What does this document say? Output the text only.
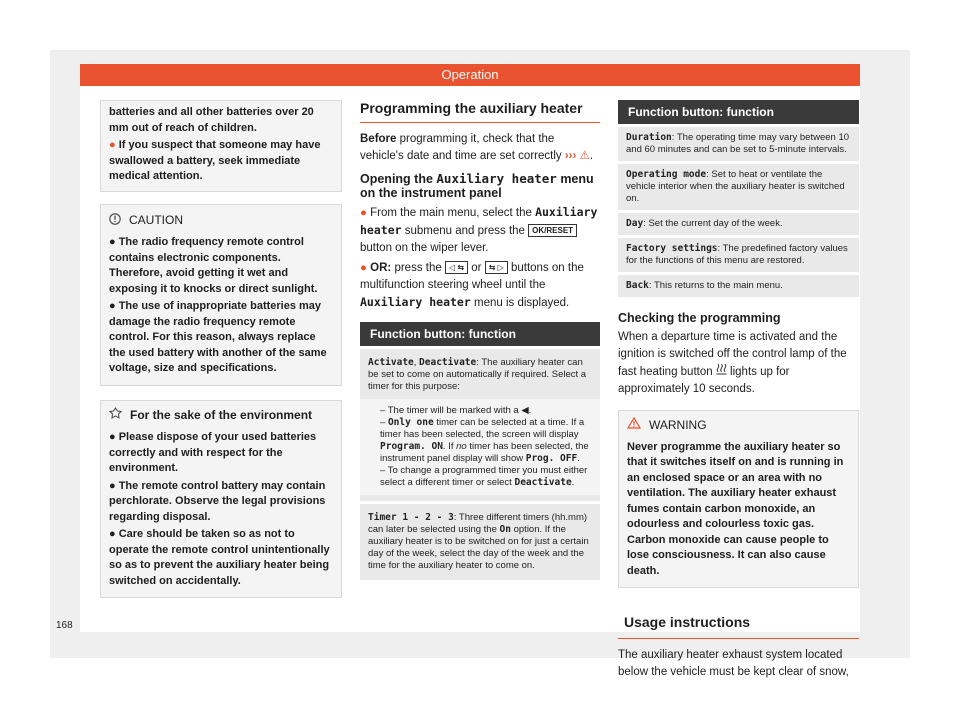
Operation

batteries and all other batteries over 20 mm out of reach of children.

● If you suspect that someone may have swallowed a battery, seek immediate medical attention.

CAUTION

● The radio frequency remote control contains electronic components. Therefore, avoid getting it wet and exposing it to knocks or direct sunlight.

● The use of inappropriate batteries may damage the radio frequency remote control. For this reason, always replace the used battery with another of the same voltage, size and specifications.

For the sake of the environment

● Please dispose of your used batteries correctly and with respect for the environment.

● The remote control battery may contain perchlorate. Observe the legal provisions regarding disposal.

● Care should be taken so as not to operate the remote control unintentionally so as to prevent the auxiliary heater being switched on accidentally.

Programming the auxiliary heater
Before programming it, check that the vehicle's date and time are set correctly ››› ⚠.
Opening the Auxiliary heater menu on the instrument panel
● From the main menu, select the Auxiliary heater submenu and press the OK/RESET button on the wiper lever.
● OR: press the ◁ ⇆ or ⇆ ▷ buttons on the multifunction steering wheel until the Auxiliary heater menu is displayed.
Function button: function
Activate, Deactivate: The auxiliary heater can be set to come on automatically if required. Select a timer for this purpose:
– The timer will be marked with a ◀.
– Only one timer can be selected at a time. If a timer has been selected, the screen will display Program. ON. If no timer has been selected, the instrument panel display will show Prog. OFF.
– To change a programmed timer you must either select a different timer or select Deactivate.
Timer 1 - 2 - 3: Three different timers (hh.mm) can later be selected using the On option. If the auxiliary heater is to be switched on for just a certain day of the week, select the day of the week and the time for the auxiliary heater to come on.
Function button: function
Duration: The operating time may vary between 10 and 60 minutes and can be set to 5-minute intervals.
Operating mode: Set to heat or ventilate the vehicle interior when the auxiliary heater is switched on.
Day: Set the current day of the week.
Factory settings: The predefined factory values for the functions of this menu are restored.
Back: This returns to the main menu.
Checking the programming
When a departure time is activated and the ignition is switched off the control lamp of the fast heating button lights up for approximately 10 seconds.
WARNING

Never programme the auxiliary heater so that it switches itself on and is running in an enclosed space or an area with no ventilation. The auxiliary heater exhaust fumes contain carbon monoxide, an odourless and colourless toxic gas. Carbon monoxide can cause people to lose consciousness. It can also cause death.

Usage instructions
The auxiliary heater exhaust system located below the vehicle must be kept clear of snow,
168
